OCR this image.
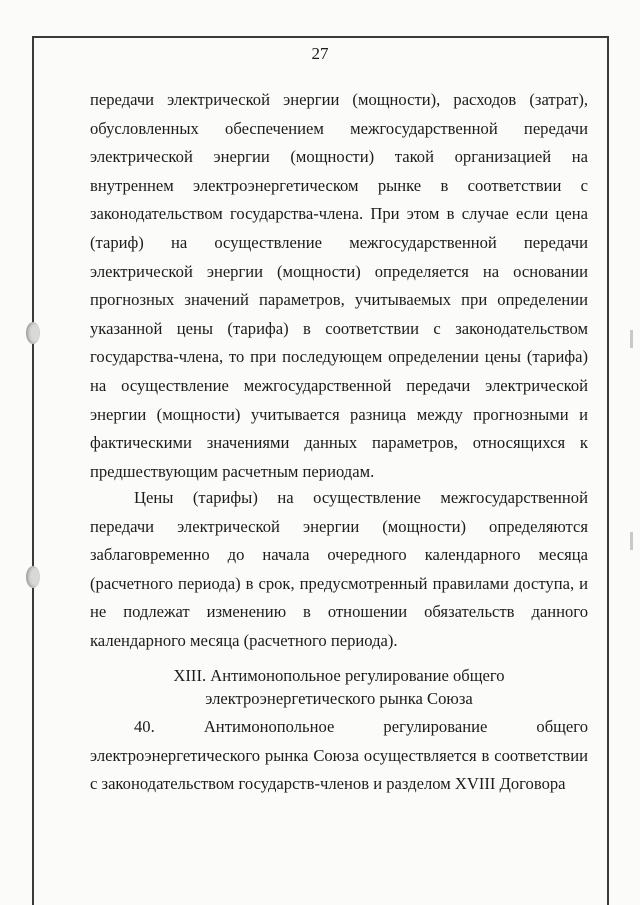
27

передачи электрической энергии (мощности), расходов (затрат), обусловленных обеспечением межгосударственной передачи электрической энергии (мощности) такой организацией на внутреннем электроэнергетическом рынке в соответствии с законодательством государства-члена. При этом в случае если цена (тариф) на осуществление межгосударственной передачи электрической энергии (мощности) определяется на основании прогнозных значений параметров, учитываемых при определении указанной цены (тарифа) в соответствии с законодательством государства-члена, то при последующем определении цены (тарифа) на осуществление межгосударственной передачи электрической энергии (мощности) учитывается разница между прогнозными и фактическими значениями данных параметров, относящихся к предшествующим расчетным периодам.

Цены (тарифы) на осуществление межгосударственной передачи электрической энергии (мощности) определяются заблаговременно до начала очередного календарного месяца (расчетного периода) в срок, предусмотренный правилами доступа, и не подлежат изменению в отношении обязательств данного календарного месяца (расчетного периода).

XIII. Антимонопольное регулирование общего
электроэнергетического рынка Союза

40. Антимонопольное регулирование общего электроэнергетического рынка Союза осуществляется в соответствии с законодательством государств-членов и разделом XVIII Договора
